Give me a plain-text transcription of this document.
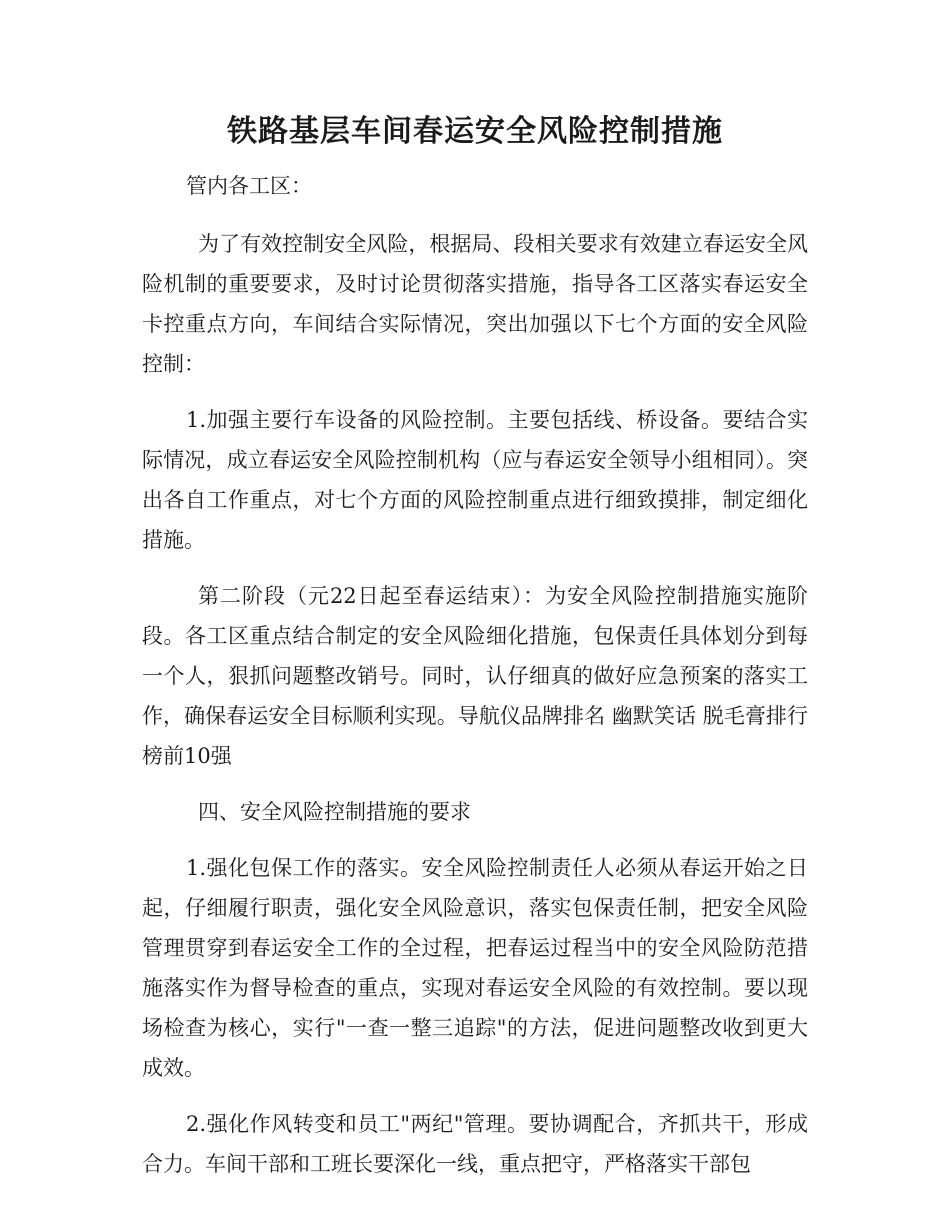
铁路基层车间春运安全风险控制措施

管内各工区：

为了有效控制安全风险，根据局、段相关要求有效建立春运安全风险机制的重要要求，及时讨论贯彻落实措施，指导各工区落实春运安全卡控重点方向，车间结合实际情况，突出加强以下七个方面的安全风险控制：

1.加强主要行车设备的风险控制。主要包括线、桥设备。要结合实际情况，成立春运安全风险控制机构（应与春运安全领导小组相同）。突出各自工作重点，对七个方面的风险控制重点进行细致摸排，制定细化措施。

第二阶段（元22日起至春运结束）：为安全风险控制措施实施阶段。各工区重点结合制定的安全风险细化措施，包保责任具体划分到每一个人，狠抓问题整改销号。同时，认仔细真的做好应急预案的落实工作，确保春运安全目标顺利实现。导航仪品牌排名 幽默笑话 脱毛膏排行榜前10强

四、安全风险控制措施的要求

1.强化包保工作的落实。安全风险控制责任人必须从春运开始之日起，仔细履行职责，强化安全风险意识，落实包保责任制，把安全风险管理贯穿到春运安全工作的全过程，把春运过程当中的安全风险防范措施落实作为督导检查的重点，实现对春运安全风险的有效控制。要以现场检查为核心，实行"一查一整三追踪"的方法，促进问题整改收到更大成效。

2.强化作风转变和员工"两纪"管理。要协调配合，齐抓共干，形成合力。车间干部和工班长要深化一线，重点把守，严格落实干部包
